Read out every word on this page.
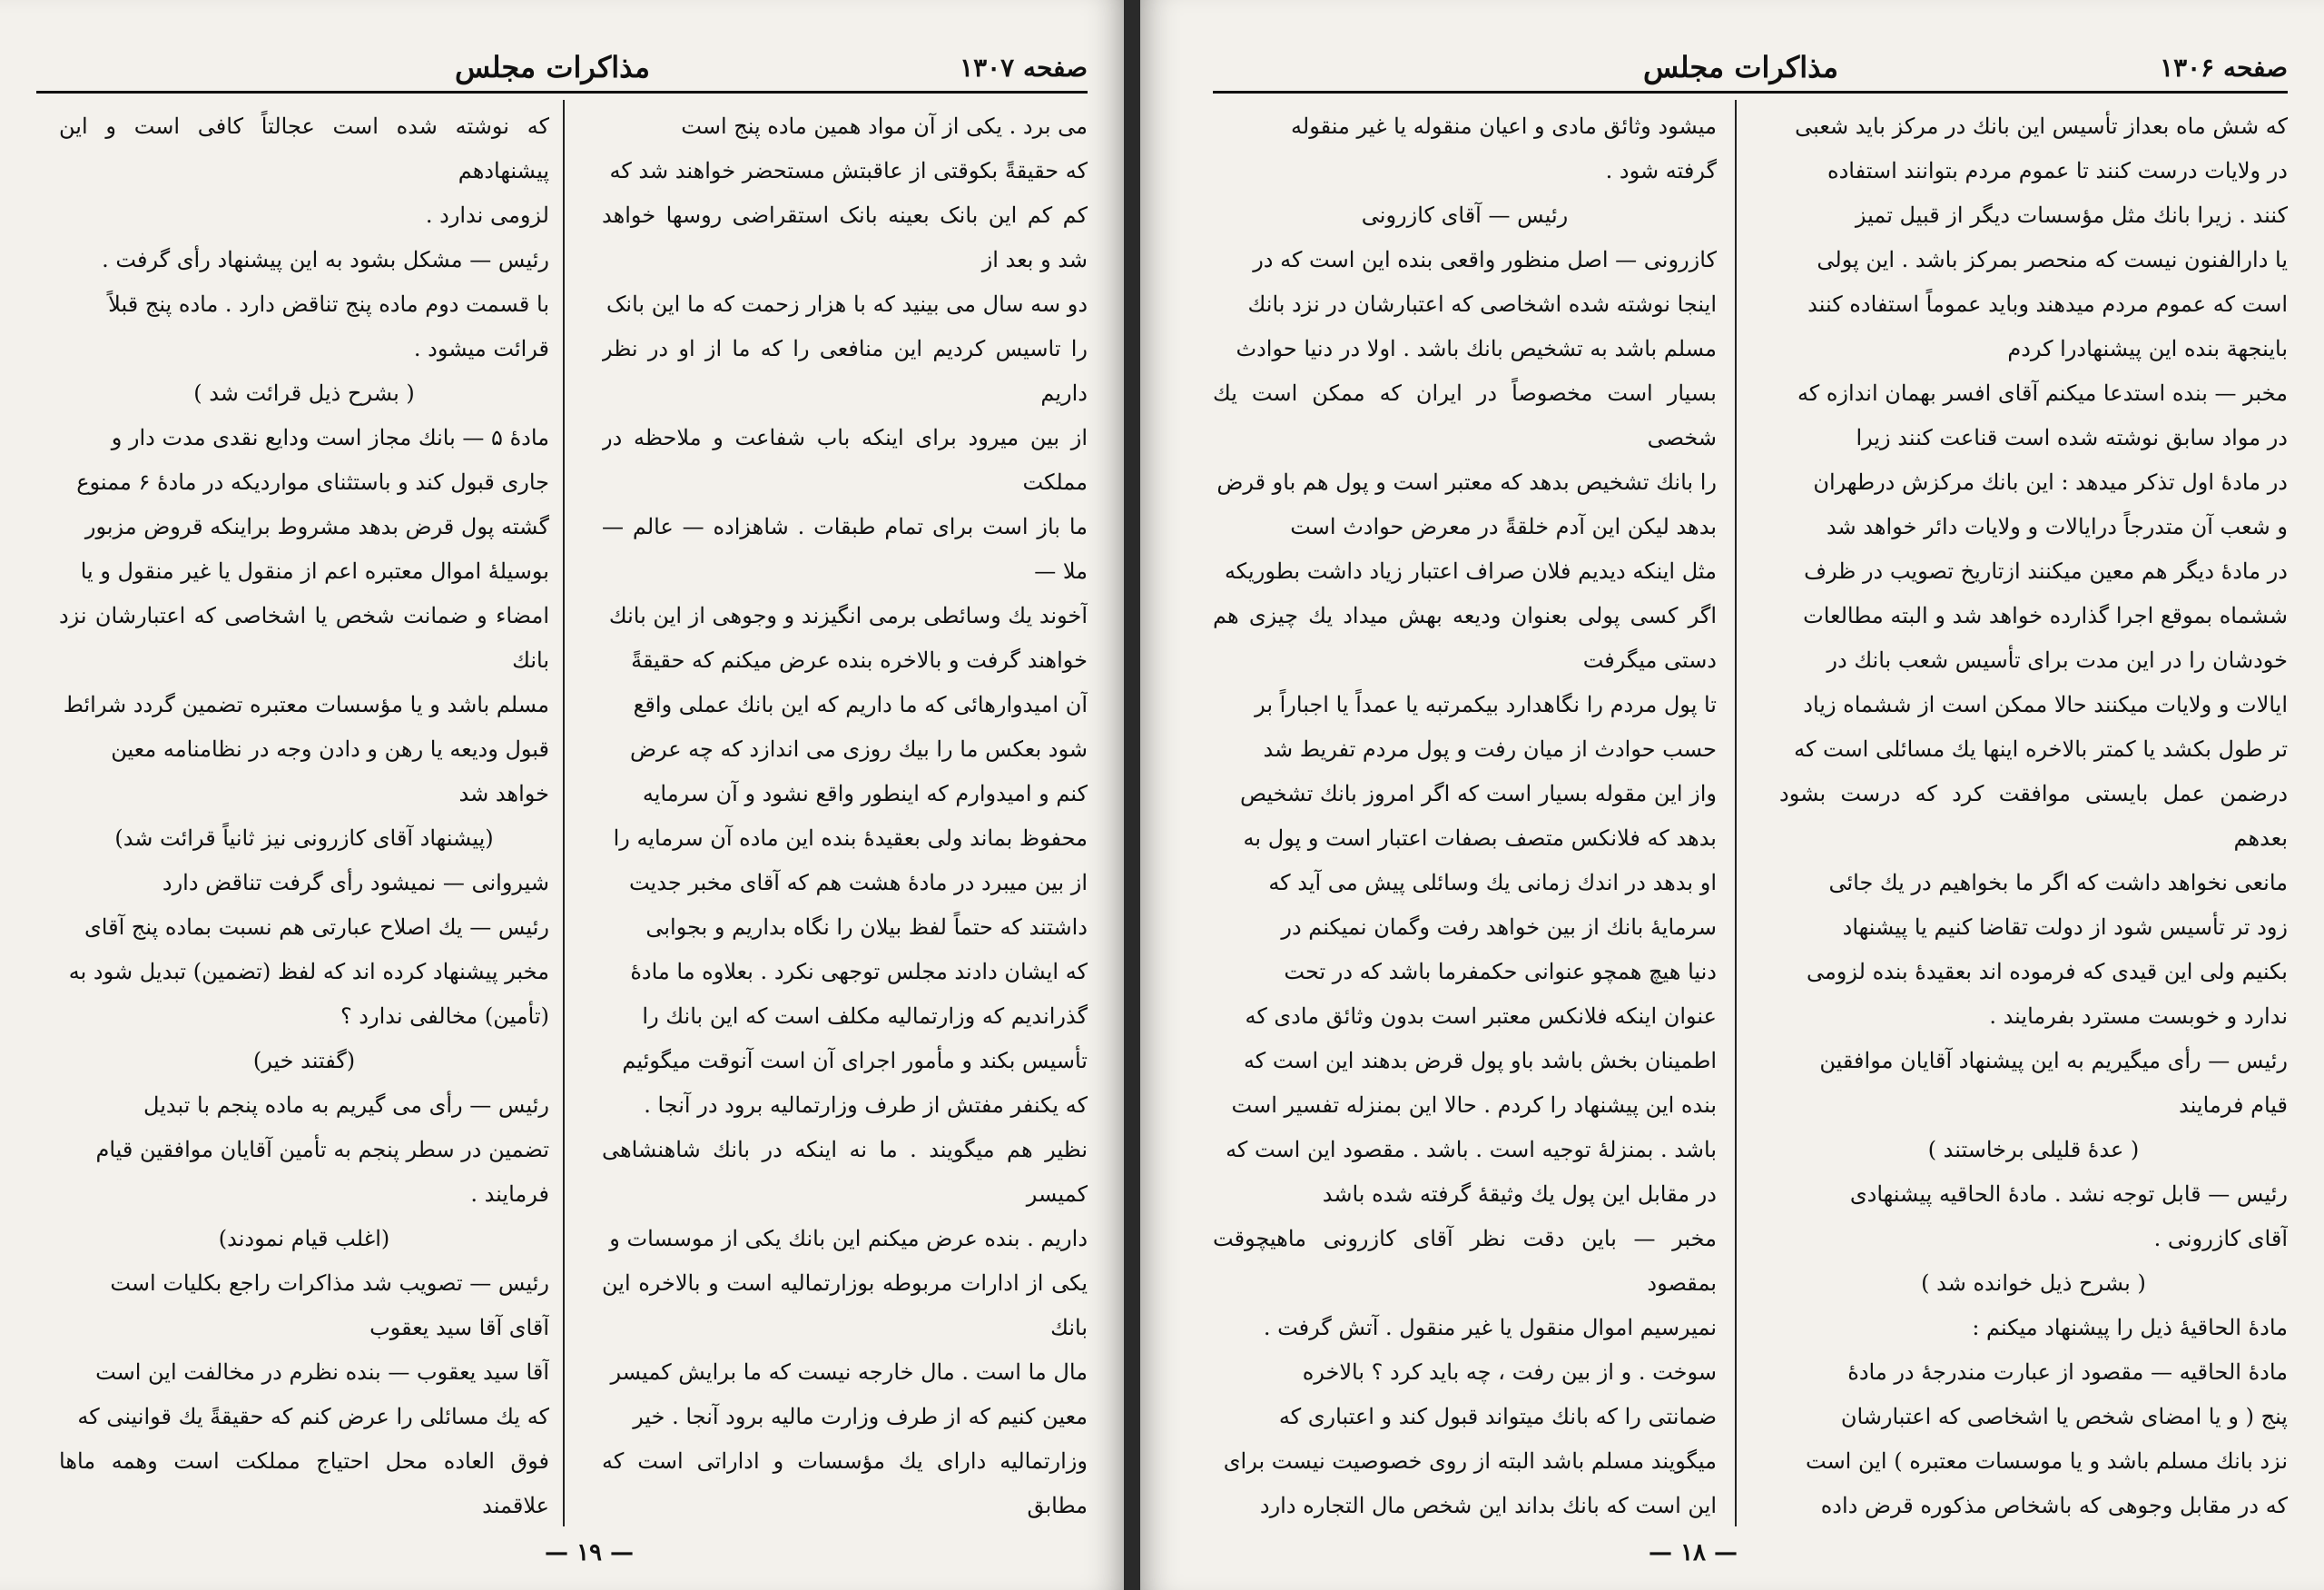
صفحه ۱۳۰۷
مذاکرات مجلس

می برد . یکی از آن مواد همین ماده پنج است

که حقیقةً بکوقتی از عاقبتش مستحضر خواهند شد که

کم کم این بانک بعینه بانک استقراضی روسها خواهد شد و بعد از

دو سه سال می بینید که با هزار زحمت که ما این بانک

را تاسیس کردیم این منافعی را که ما از او در نظر داریم

از بین میرود برای اینکه باب شفاعت و ملاحظه در مملکت

ما باز است برای تمام طبقات . شاهزاده — عالم — ملا —

آخوند یك وسائطی برمی انگیزند و وجوهی از این بانك

خواهند گرفت و بالاخره بنده عرض میکنم که حقیقةً

آن امیدوارهائی که ما داریم که این بانك عملی واقع

شود بعکس ما را بیك روزی می اندازد که چه عرض

کنم و امیدوارم که اینطور واقع نشود و آن سرمایه

محفوظ بماند ولی بعقیدهٔ بنده این ماده آن سرمایه را

از بین میبرد در مادهٔ هشت هم که آقای مخبر جدیت

داشتند که حتماً لفظ بیلان را نگاه بداریم و بجوابی

که ایشان دادند مجلس توجهی نکرد . بعلاوه ما مادهٔ

گذراندیم که وزارتمالیه مکلف است که این بانك را

تأسیس بکند و مأمور اجرای آن است آنوقت میگوئیم

که یکنفر مفتش از طرف وزارتمالیه برود در آنجا .

نظیر هم میگویند . ما نه اینکه در بانك شاهنشاهی کمیسر

داریم . بنده عرض میکنم این بانك یکی از موسسات و

یکی از ادارات مربوطه بوزارتمالیه است و بالاخره این بانك

مال ما است . مال خارجه نیست که ما برایش کمیسر

معین کنیم که از طرف وزارت مالیه برود آنجا . خیر

وزارتمالیه دارای یك مؤسسات و اداراتی است که مطابق

که نوشته شده است عجالتاً کافی است و این پیشنهادهم

لزومی ندارد .

رئیس — مشکل بشود به این پیشنهاد رأی گرفت .

با قسمت دوم ماده پنج تناقض دارد . ماده پنج قبلاً

قرائت میشود .

( بشرح ذیل قرائت شد )

مادهٔ ۵ — بانك مجاز است ودایع نقدی مدت دار و

جاری قبول کند و باستثنای مواردیکه در مادهٔ ۶ ممنوع

گشته پول قرض بدهد مشروط براینکه قروض مزبور

بوسیلهٔ اموال معتبره اعم از منقول یا غیر منقول و یا

امضاء و ضمانت شخص یا اشخاصی که اعتبارشان نزد بانك

مسلم باشد و یا مؤسسات معتبره تضمین گردد شرائط

قبول ودیعه یا رهن و دادن وجه در نظامنامه معین

خواهد شد

(پیشنهاد آقای کازرونی نیز ثانیاً قرائت شد)

شیروانی — نمیشود رأی گرفت تناقض دارد

رئیس — یك اصلاح عبارتی هم نسبت بماده پنج آقای

مخبر پیشنهاد کرده اند که لفظ (تضمین) تبدیل شود به

(تأمین) مخالفی ندارد ؟

(گفتند خیر)

رئیس — رأی می گیریم به ماده پنجم با تبدیل

تضمین در سطر پنجم به تأمین آقایان موافقین قیام

فرمایند .

(اغلب قیام نمودند)

رئیس — تصویب شد مذاکرات راجع بکلیات است

آقای آقا سید یعقوب

آقا سید یعقوب — بنده نظرم در مخالفت این است

که یك مسائلی را عرض کنم که حقیقةً یك قوانینی که

فوق العاده محل احتیاج مملکت است وهمه ماها علاقمند

— ۱۹ —
صفحه ۱۳۰۶
مذاکرات مجلس

که شش ماه بعداز تأسیس این بانك در مرکز باید شعبی

در ولایات درست کنند تا عموم مردم بتوانند استفاده

کنند . زیرا بانك مثل مؤسسات دیگر از قبیل تمیز

یا دارالفنون نیست که منحصر بمرکز باشد . این پولی

است که عموم مردم میدهند وباید عموماً استفاده کنند

باینجهة بنده این پیشنهادرا کردم

مخبر — بنده استدعا میکنم آقای افسر بهمان اندازه که

در مواد سابق نوشته شده است قناعت کنند زیرا

در مادهٔ اول تذکر میدهد : این بانك مرکزش درطهران

و شعب آن متدرجاً درایالات و ولایات دائر خواهد شد

در مادهٔ دیگر هم معین میکنند ازتاریخ تصویب در ظرف

ششماه بموقع اجرا گذارده خواهد شد و البته مطالعات

خودشان را در این مدت برای تأسیس شعب بانك در

ایالات و ولایات میکنند حالا ممکن است از ششماه زیاد

تر طول بکشد یا کمتر بالاخره اینها یك مسائلی است که

درضمن عمل بایستی موافقت کرد که درست بشود بعدهم

مانعی نخواهد داشت که اگر ما بخواهیم در یك جائی

زود تر تأسیس شود از دولت تقاضا کنیم یا پیشنهاد

بکنیم ولی این قیدی که فرموده اند بعقیدهٔ بنده لزومی

ندارد و خوبست مسترد بفرمایند .

رئیس — رأی میگیریم به این پیشنهاد آقایان موافقین

قیام فرمایند

( عدهٔ قلیلی برخاستند )

رئیس — قابل توجه نشد . مادهٔ الحاقیه پیشنهادی

آقای کازرونی .

( بشرح ذیل خوانده شد )

مادهٔ الحاقیهٔ ذیل را پیشنهاد میکنم :

مادهٔ الحاقیه — مقصود از عبارت مندرجهٔ در مادهٔ

پنج ( و یا امضای شخص یا اشخاصی که اعتبارشان

نزد بانك مسلم باشد و یا موسسات معتبره ) این است

که در مقابل وجوهی که باشخاص مذکوره قرض داده

میشود وثائق مادی و اعیان منقوله یا غیر منقوله

گرفته شود .

رئیس — آقای کازرونی

کازرونی — اصل منظور واقعی بنده این است که در

اینجا نوشته شده اشخاصی که اعتبارشان در نزد بانك

مسلم باشد به تشخیص بانك باشد . اولا در دنیا حوادث

بسیار است مخصوصاً در ایران که ممکن است یك شخصی

را بانك تشخیص بدهد که معتبر است و پول هم باو قرض

بدهد لیکن این آدم خلقةً در معرض حوادث است

مثل اینکه دیدیم فلان صراف اعتبار زیاد داشت بطوریکه

اگر کسی پولی بعنوان ودیعه بهش میداد یك چیزی هم دستی میگرفت

تا پول مردم را نگاهدارد بیکمرتبه یا عمداً یا اجباراً بر

حسب حوادث از میان رفت و پول مردم تفریط شد

واز این مقوله بسیار است که اگر امروز بانك تشخیص

بدهد که فلانکس متصف بصفات اعتبار است و پول به

او بدهد در اندك زمانی یك وسائلی پیش می آید که

سرمایهٔ بانك از بین خواهد رفت وگمان نمیکنم در

دنیا هیچ همچو عنوانی حکمفرما باشد که در تحت

عنوان اینکه فلانکس معتبر است بدون وثائق مادی که

اطمینان بخش باشد باو پول قرض بدهند این است که

بنده این پیشنهاد را کردم . حالا این بمنزله تفسیر است

باشد . بمنزلهٔ توجیه است . باشد . مقصود این است که

در مقابل این پول یك وثیقهٔ گرفته شده باشد

مخبر — باین دقت نظر آقای کازرونی ماهیچوقت بمقصود

نمیرسیم اموال منقول یا غیر منقول . آتش گرفت .

سوخت . و از بین رفت ، چه باید کرد ؟ بالاخره

ضمانتی را که بانك میتواند قبول کند و اعتباری که

میگویند مسلم باشد البته از روی خصوصیت نیست برای

این است که بانك بداند این شخص مال التجاره دارد

— ۱۸ —
